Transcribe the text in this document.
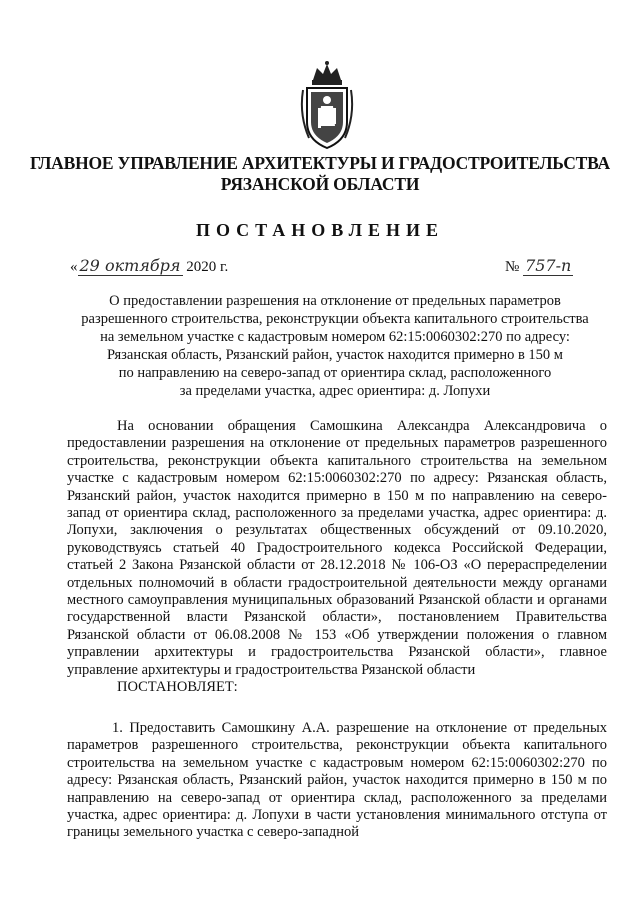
ГЛАВНОЕ УПРАВЛЕНИЕ АРХИТЕКТУРЫ И ГРАДОСТРОИТЕЛЬСТВА
РЯЗАНСКОЙ ОБЛАСТИ
ПОСТАНОВЛЕНИЕ
« 29 октября 2020 г.	№ 757-п
О предоставлении разрешения на отклонение от предельных параметров
разрешенного строительства, реконструкции объекта капитального строительства
на земельном участке с кадастровым номером 62:15:0060302:270 по адресу:
Рязанская область, Рязанский район, участок находится примерно в 150 м
по направлению на северо-запад от ориентира склад, расположенного
за пределами участка, адрес ориентира: д. Лопухи
На основании обращения Самошкина Александра Александровича о предоставлении разрешения на отклонение от предельных параметров разрешенного строительства, реконструкции объекта капитального строительства на земельном участке с кадастровым номером 62:15:0060302:270 по адресу: Рязанская область, Рязанский район, участок находится примерно в 150 м по направлению на северо-запад от ориентира склад, расположенного за пределами участка, адрес ориентира: д. Лопухи, заключения о результатах общественных обсуждений от 09.10.2020, руководствуясь статьей 40 Градостроительного кодекса Российской Федерации, статьей 2 Закона Рязанской области от 28.12.2018 № 106-ОЗ «О перераспределении отдельных полномочий в области градостроительной деятельности между органами местного самоуправления муниципальных образований Рязанской области и органами государственной власти Рязанской области», постановлением Правительства Рязанской области от 06.08.2008 № 153 «Об утверждении положения о главном управлении архитектуры и градостроительства Рязанской области», главное управление архитектуры и градостроительства Рязанской области
ПОСТАНОВЛЯЕТ:
1. Предоставить Самошкину А.А. разрешение на отклонение от предельных параметров разрешенного строительства, реконструкции объекта капитального строительства на земельном участке с кадастровым номером 62:15:0060302:270 по адресу: Рязанская область, Рязанский район, участок находится примерно в 150 м по направлению на северо-запад от ориентира склад, расположенного за пределами участка, адрес ориентира: д. Лопухи в части установления минимального отступа от границы земельного участка с северо-западной
